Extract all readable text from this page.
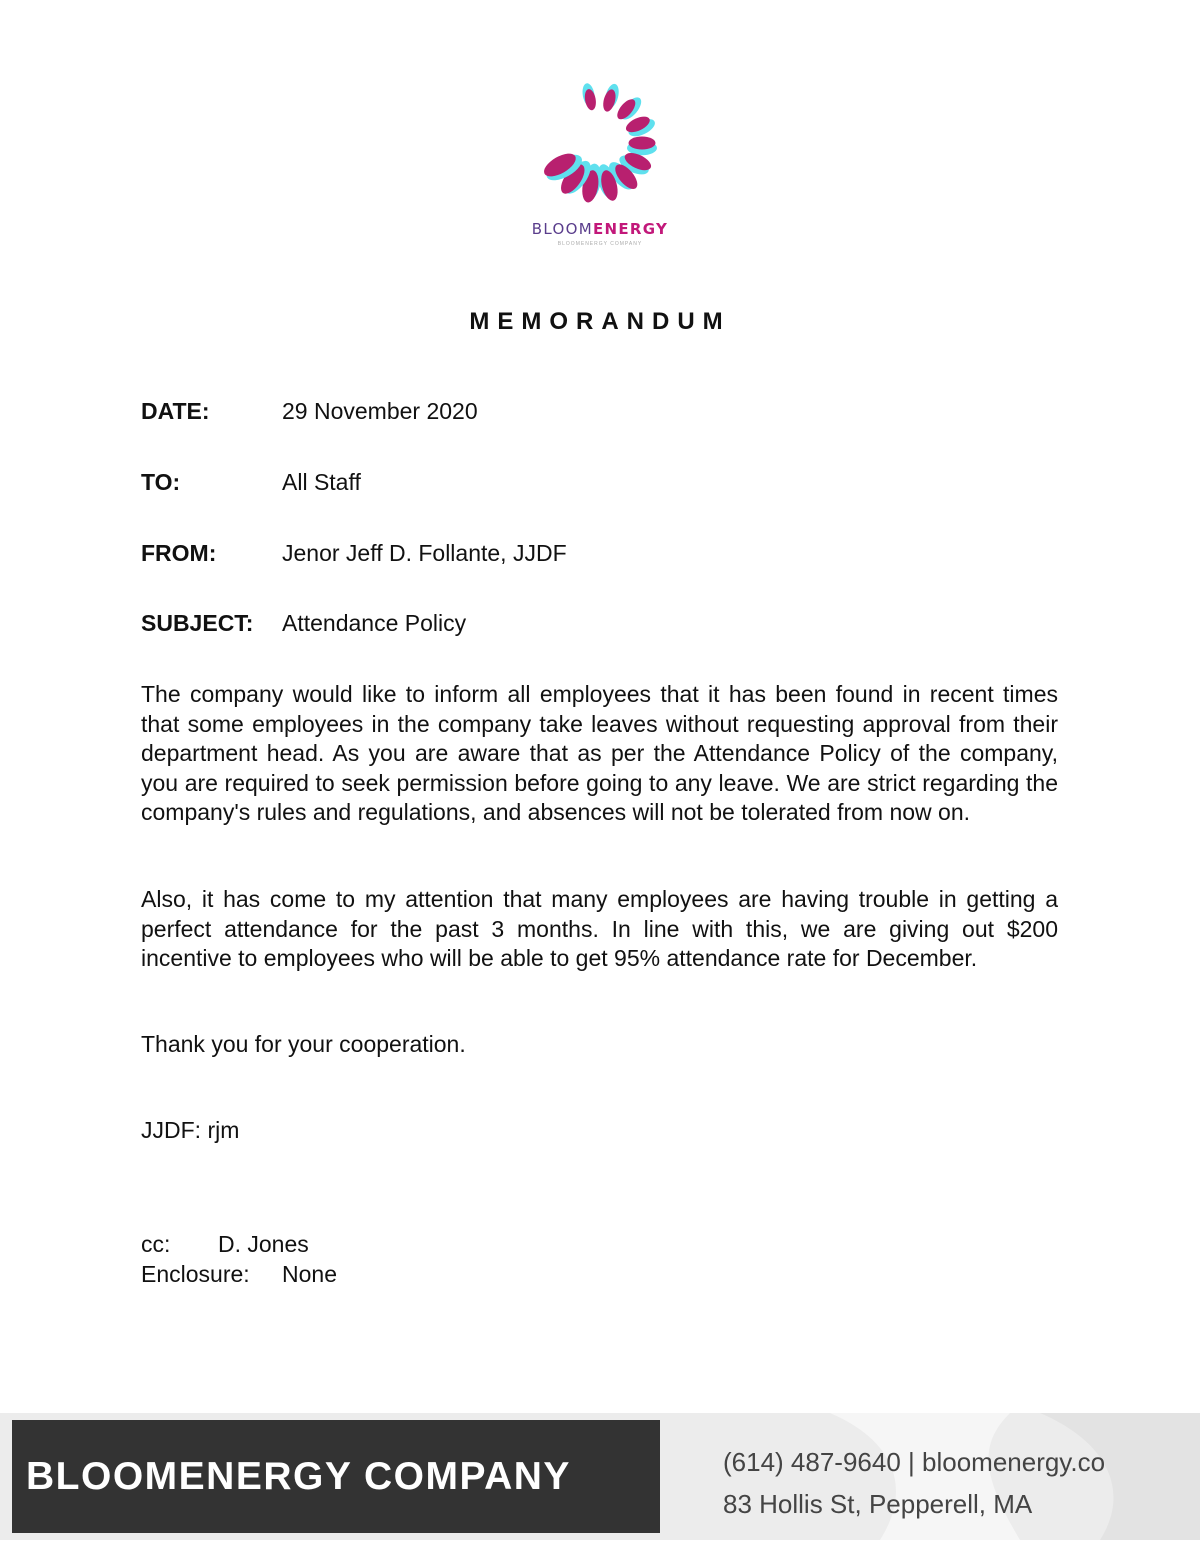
BLOOMENERGY
BLOOMENERGY COMPANY
MEMORANDUM
DATE:	29 November 2020
TO:	All Staff
FROM:	Jenor Jeff D. Follante, JJDF
SUBJECT: Attendance Policy

The company would like to inform all employees that it has been found in recent times that some employees in the company take leaves without requesting approval from their department head. As you are aware that as per the Attendance Policy of the company, you are required to seek permission before going to any leave. We are strict regarding the company's rules and regulations, and absences will not be tolerated from now on.

Also, it has come to my attention that many employees are having trouble in getting a perfect attendance for the past 3 months. In line with this, we are giving out $200 incentive to employees who will be able to get 95% attendance rate for December.

Thank you for your cooperation.
JJDF: rjm
cc: D. Jones
Enclosure: None
BLOOMENERGY COMPANY	(614) 487-9640 | bloomenergy.co
83 Hollis St, Pepperell, MA
